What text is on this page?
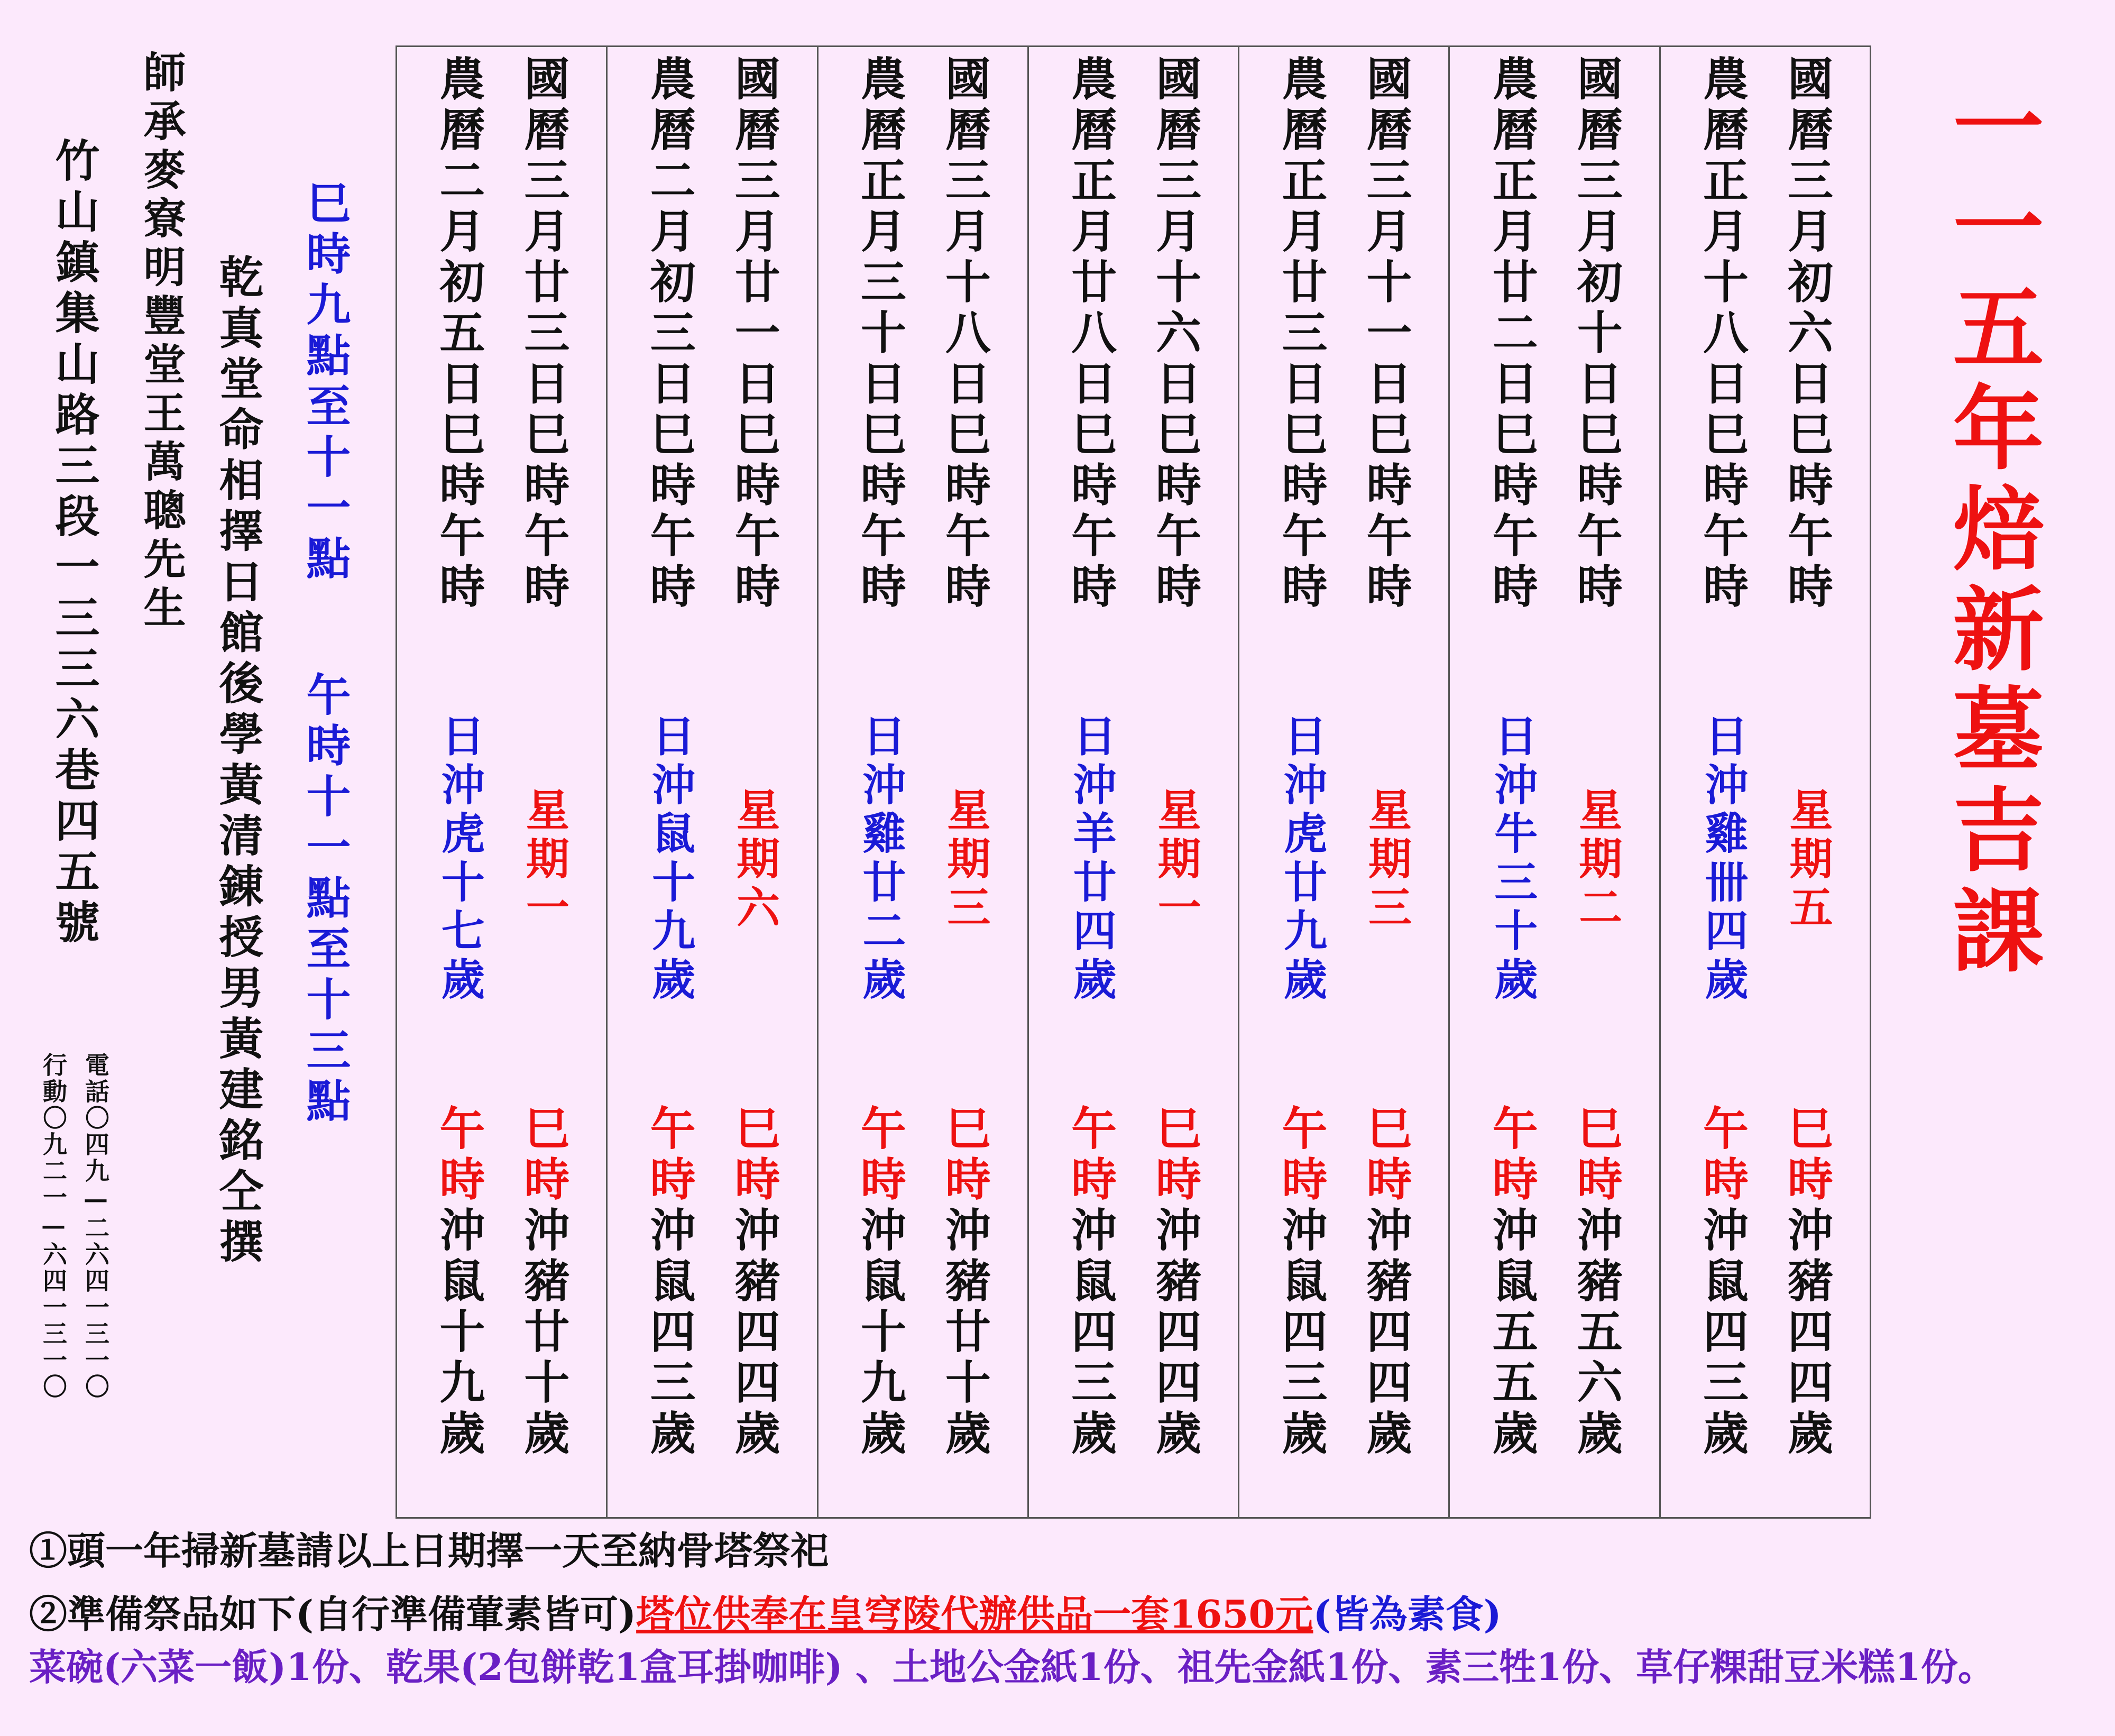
一一五年焙新墓吉課

國曆三月初六日巳時午時

農曆正月十八日巳時午時

星期五

日沖雞卌四歲

巳時沖豬四四歲

午時沖鼠四三歲

國曆三月初十日巳時午時

農曆正月廿二日巳時午時

星期二

日沖牛三十歲

巳時沖豬五六歲

午時沖鼠五五歲

國曆三月十一日巳時午時

農曆正月廿三日巳時午時

星期三

日沖虎廿九歲

巳時沖豬四四歲

午時沖鼠四三歲

國曆三月十六日巳時午時

農曆正月廿八日巳時午時

星期一

日沖羊廿四歲

巳時沖豬四四歲

午時沖鼠四三歲

國曆三月十八日巳時午時

農曆正月三十日巳時午時

星期三

日沖雞廿二歲

巳時沖豬廿十歲

午時沖鼠十九歲

國曆三月廿一日巳時午時

農曆二月初三日巳時午時

星期六

日沖鼠十九歲

巳時沖豬四四歲

午時沖鼠四三歲

國曆三月廿三日巳時午時

農曆二月初五日巳時午時

星期一

日沖虎十七歲

巳時沖豬廿十歲

午時沖鼠十九歲

巳時九點至十一點

午時十一點至十三點

乾真堂命相擇日館後學黃清錬授男黃建銘仝撰

師承麥寮明豐堂王萬聰先生

竹山鎮集山路三段一三三六巷四五號

電話〇四九—二六四一三一〇

行動〇九二一—六四一三一〇

①頭一年掃新墓請以上日期擇一天至納骨塔祭祀

②準備祭品如下(自行準備葷素皆可)塔位供奉在皇穹陵代辦供品一套1650元(皆為素食)

菜碗(六菜一飯)1份、乾果(2包餅乾1盒耳掛咖啡) 、土地公金紙1份、祖先金紙1份、素三牲1份、草仔粿甜豆米糕1份。
